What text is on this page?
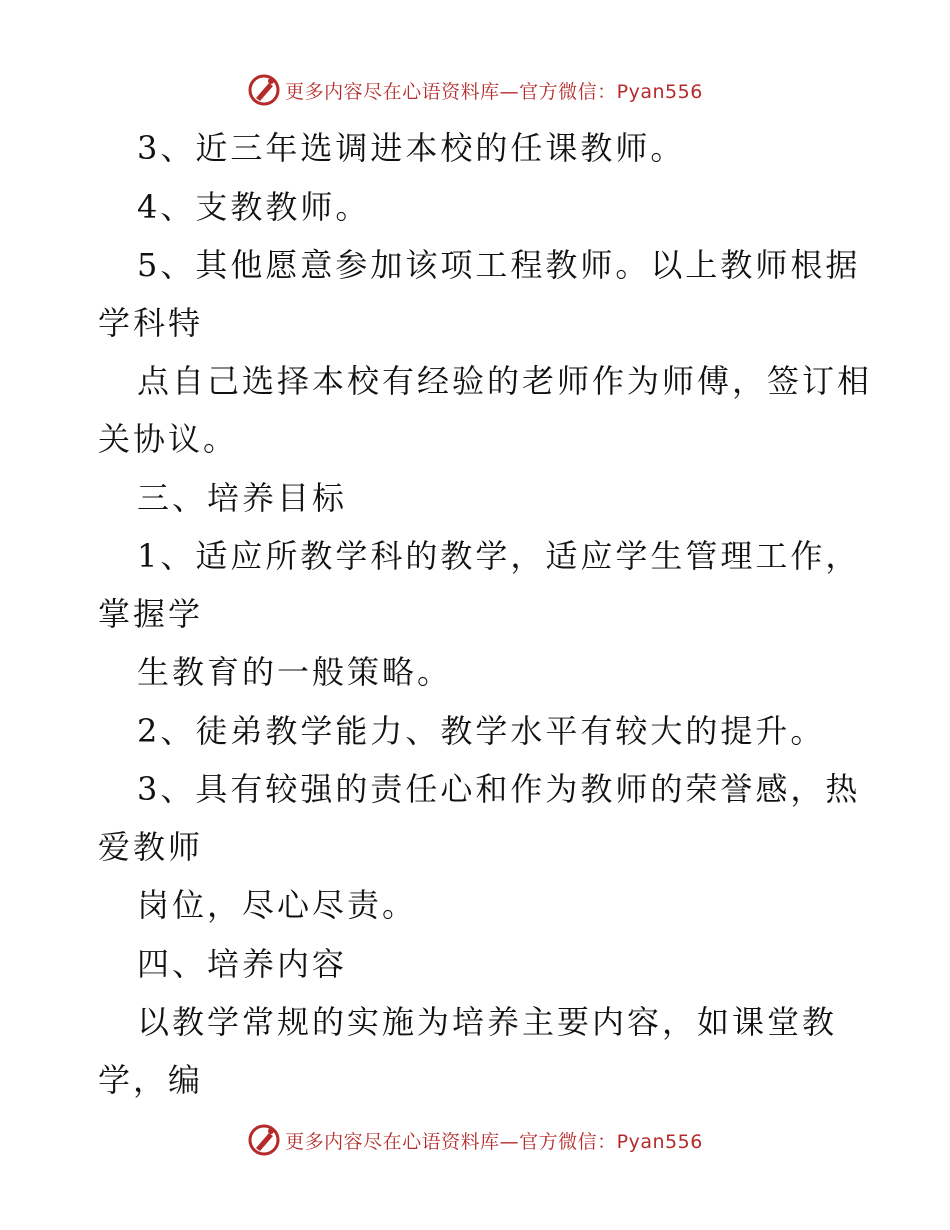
更多内容尽在心语资料库—官方微信：Pyan556
3、近三年选调进本校的任课教师。
4、支教教师。
5、其他愿意参加该项工程教师。以上教师根据
学科特
点自己选择本校有经验的老师作为师傅，签订相
关协议。
三、培养目标
1、适应所教学科的教学，适应学生管理工作，
掌握学
生教育的一般策略。
2、徒弟教学能力、教学水平有较大的提升。
3、具有较强的责任心和作为教师的荣誉感，热
爱教师
岗位，尽心尽责。
四、培养内容
以教学常规的实施为培养主要内容，如课堂教
学，编
更多内容尽在心语资料库—官方微信：Pyan556
